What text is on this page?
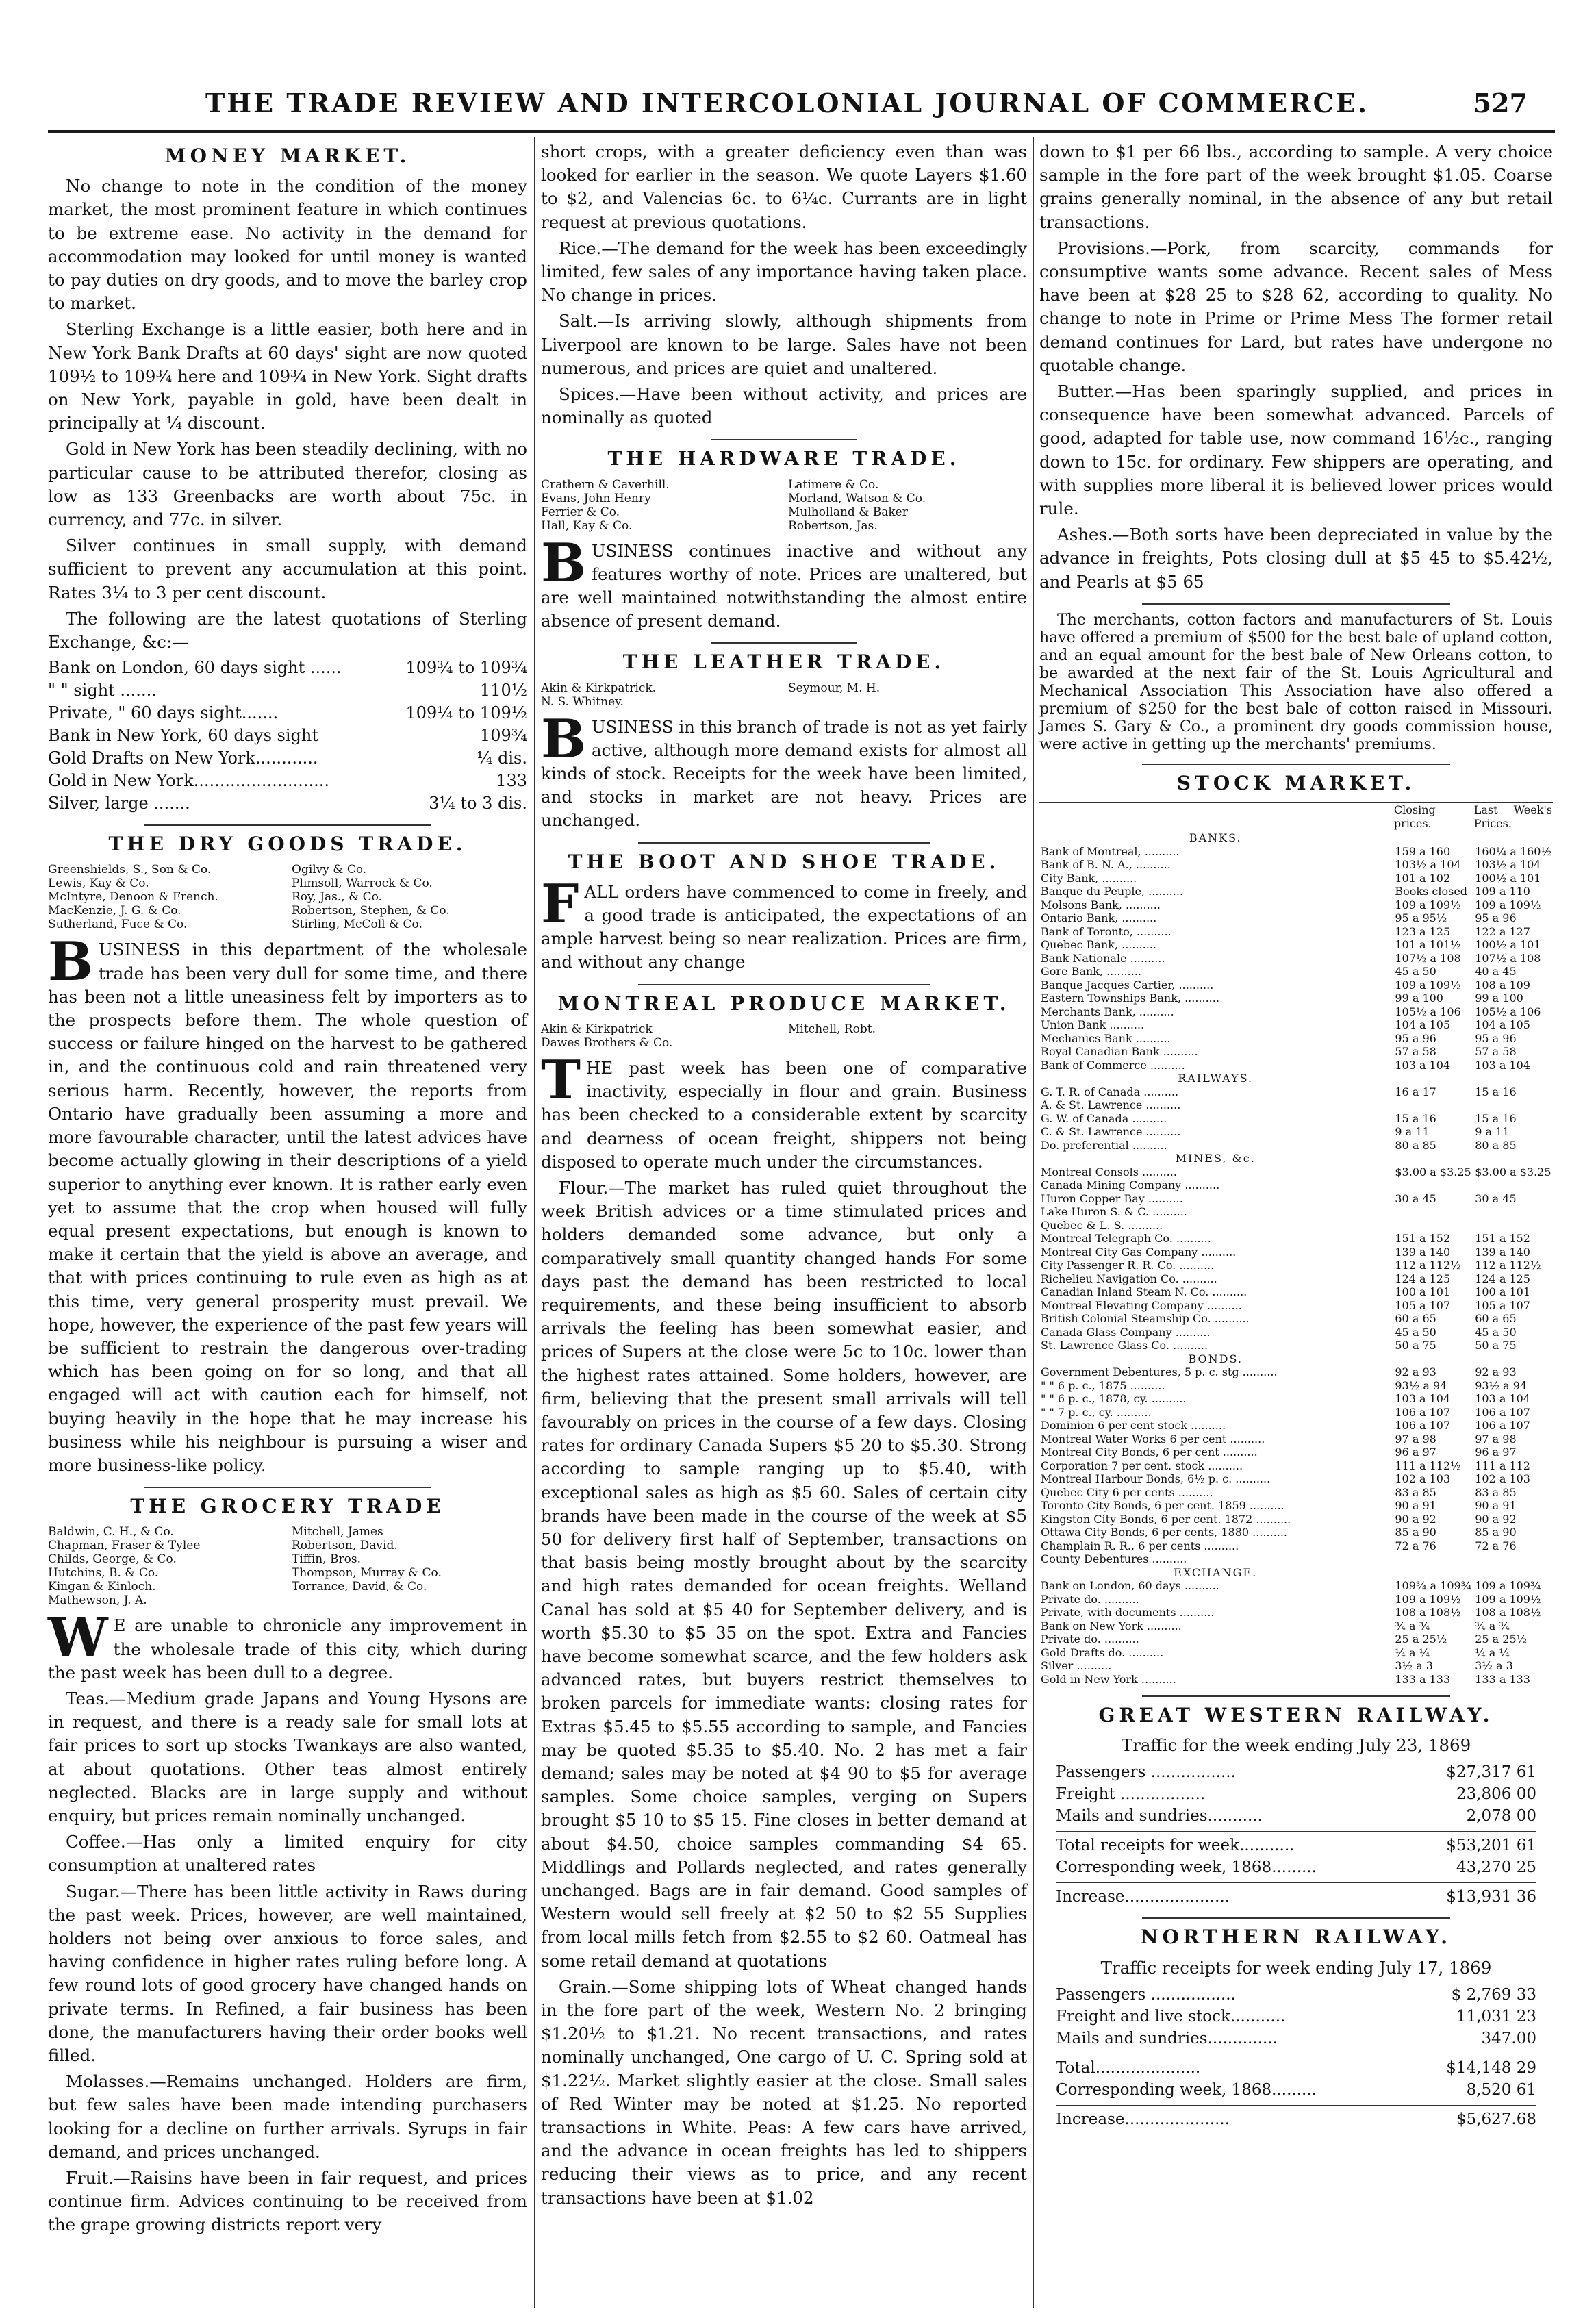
THE TRADE REVIEW AND INTERCOLONIAL JOURNAL OF COMMERCE.	527
MONEY MARKET.

No change to note in the condition of the money market, the most prominent feature in which continues to be extreme ease. No activity in the demand for accommodation may looked for until money is wanted to pay duties on dry goods, and to move the barley crop to market.

Sterling Exchange is a little easier, both here and in New York Bank Drafts at 60 days' sight are now quoted 109½ to 109¾ here and 109¾ in New York. Sight drafts on New York, payable in gold, have been dealt in principally at ¼ discount.

Gold in New York has been steadily declining, with no particular cause to be attributed therefor, closing as low as 133 Greenbacks are worth about 75c. in currency, and 77c. in silver.

Silver continues in small supply, with demand sufficient to prevent any accumulation at this point. Rates 3¼ to 3 per cent discount.

The following are the latest quotations of Sterling Exchange, &c:—

Bank on London, 60 days sight ......	109¾ to 109¾
" " sight .......	110½
Private, " 60 days sight.......	109¼ to 109½
Bank in New York, 60 days sight	109¾
Gold Drafts on New York............	¼ dis.
Gold in New York..........................	133
Silver, large .......	3¼ to 3 dis.
THE DRY GOODS TRADE.
Greenshields, S., Son & Co.	Ogilvy & Co.
Lewis, Kay & Co.	Plimsoll, Warrock & Co.
McIntyre, Denoon & French.	Roy, Jas., & Co.
MacKenzie, J. G. & Co.	Robertson, Stephen, & Co.
Sutherland, Fuce & Co.	Stirling, McColl & Co.

BUSINESS in this department of the wholesale trade has been very dull for some time, and there has been not a little uneasiness felt by importers as to the prospects before them. The whole question of success or failure hinged on the harvest to be gathered in, and the continuous cold and rain threatened very serious harm. Recently, however, the reports from Ontario have gradually been assuming a more and more favourable character, until the latest advices have become actually glowing in their descriptions of a yield superior to anything ever known. It is rather early even yet to assume that the crop when housed will fully equal present expectations, but enough is known to make it certain that the yield is above an average, and that with prices continuing to rule even as high as at this time, very general prosperity must prevail. We hope, however, the experience of the past few years will be sufficient to restrain the dangerous over-trading which has been going on for so long, and that all engaged will act with caution each for himself, not buying heavily in the hope that he may increase his business while his neighbour is pursuing a wiser and more business-like policy.

THE GROCERY TRADE
Baldwin, C. H., & Co.	Mitchell, James
Chapman, Fraser & Tylee	Robertson, David.
Childs, George, & Co.	Tiffin, Bros.
Hutchins, B. & Co.	Thompson, Murray & Co.
Kingan & Kinloch.	Torrance, David, & Co.
Mathewson, J. A.

W E are unable to chronicle any improvement in the wholesale trade of this city, which during the past week has been dull to a degree.

Teas.—Medium grade Japans and Young Hysons are in request, and there is a ready sale for small lots at fair prices to sort up stocks Twankays are also wanted, at about quotations. Other teas almost entirely neglected. Blacks are in large supply and without enquiry, but prices remain nominally unchanged.

Coffee.—Has only a limited enquiry for city consumption at unaltered rates

Sugar.—There has been little activity in Raws during the past week. Prices, however, are well maintained, holders not being over anxious to force sales, and having confidence in higher rates ruling before long. A few round lots of good grocery have changed hands on private terms. In Refined, a fair business has been done, the manufacturers having their order books well filled.

Molasses.—Remains unchanged. Holders are firm, but few sales have been made intending purchasers looking for a decline on further arrivals. Syrups in fair demand, and prices unchanged.

Fruit.—Raisins have been in fair request, and prices continue firm. Advices continuing to be received from the grape growing districts report very

short crops, with a greater deficiency even than was looked for earlier in the season. We quote Layers $1.60 to $2, and Valencias 6c. to 6¼c. Currants are in light request at previous quotations.

Rice.—The demand for the week has been exceedingly limited, few sales of any importance having taken place. No change in prices.

Salt.—Is arriving slowly, although shipments from Liverpool are known to be large. Sales have not been numerous, and prices are quiet and unaltered.

Spices.—Have been without activity, and prices are nominally as quoted

THE HARDWARE TRADE.
Crathern & Caverhill.	Latimere & Co.
Evans, John Henry	Morland, Watson & Co.
Ferrier & Co.	Mulholland & Baker
Hall, Kay & Co.	Robertson, Jas.

BUSINESS continues inactive and without any features worthy of note. Prices are unaltered, but are well maintained notwithstanding the almost entire absence of present demand.

THE LEATHER TRADE.
Akin & Kirkpatrick.	Seymour, M. H.
N. S. Whitney.

BUSINESS in this branch of trade is not as yet fairly active, although more demand exists for almost all kinds of stock. Receipts for the week have been limited, and stocks in market are not heavy. Prices are unchanged.

THE BOOT AND SHOE TRADE.

FALL orders have commenced to come in freely, and a good trade is anticipated, the expectations of an ample harvest being so near realization. Prices are firm, and without any change

MONTREAL PRODUCE MARKET.
Akin & Kirkpatrick	Mitchell, Robt.
Dawes Brothers & Co.

THE past week has been one of comparative inactivity, especially in flour and grain. Business has been checked to a considerable extent by scarcity and dearness of ocean freight, shippers not being disposed to operate much under the circumstances.

Flour.—The market has ruled quiet throughout the week British advices or a time stimulated prices and holders demanded some advance, but only a comparatively small quantity changed hands For some days past the demand has been restricted to local requirements, and these being insufficient to absorb arrivals the feeling has been somewhat easier, and prices of Supers at the close were 5c to 10c. lower than the highest rates attained. Some holders, however, are firm, believing that the present small arrivals will tell favourably on prices in the course of a few days. Closing rates for ordinary Canada Supers $5 20 to $5.30. Strong according to sample ranging up to $5.40, with exceptional sales as high as $5 60. Sales of certain city brands have been made in the course of the week at $5 50 for delivery first half of September, transactions on that basis being mostly brought about by the scarcity and high rates demanded for ocean freights. Welland Canal has sold at $5 40 for September delivery, and is worth $5.30 to $5 35 on the spot. Extra and Fancies have become somewhat scarce, and the few holders ask advanced rates, but buyers restrict themselves to broken parcels for immediate wants: closing rates for Extras $5.45 to $5.55 according to sample, and Fancies may be quoted $5.35 to $5.40. No. 2 has met a fair demand; sales may be noted at $4 90 to $5 for average samples. Some choice samples, verging on Supers brought $5 10 to $5 15. Fine closes in better demand at about $4.50, choice samples commanding $4 65. Middlings and Pollards neglected, and rates generally unchanged. Bags are in fair demand. Good samples of Western would sell freely at $2 50 to $2 55 Supplies from local mills fetch from $2.55 to $2 60. Oatmeal has some retail demand at quotations

Grain.—Some shipping lots of Wheat changed hands in the fore part of the week, Western No. 2 bringing $1.20½ to $1.21. No recent transactions, and rates nominally unchanged, One cargo of U. C. Spring sold at $1.22½. Market slightly easier at the close. Small sales of Red Winter may be noted at $1.25. No reported transactions in White. Peas: A few cars have arrived, and the advance in ocean freights has led to shippers reducing their views as to price, and any recent transactions have been at $1.02

down to $1 per 66 lbs., according to sample. A very choice sample in the fore part of the week brought $1.05. Coarse grains generally nominal, in the absence of any but retail transactions.

Provisions.—Pork, from scarcity, commands for consumptive wants some advance. Recent sales of Mess have been at $28 25 to $28 62, according to quality. No change to note in Prime or Prime Mess The former retail demand continues for Lard, but rates have undergone no quotable change.

Butter.—Has been sparingly supplied, and prices in consequence have been somewhat advanced. Parcels of good, adapted for table use, now command 16½c., ranging down to 15c. for ordinary. Few shippers are operating, and with supplies more liberal it is believed lower prices would rule.

Ashes.—Both sorts have been depreciated in value by the advance in freights, Pots closing dull at $5 45 to $5.42½, and Pearls at $5 65

The merchants, cotton factors and manufacturers of St. Louis have offered a premium of $500 for the best bale of upland cotton, and an equal amount for the best bale of New Orleans cotton, to be awarded at the next fair of the St. Louis Agricultural and Mechanical Association This Association have also offered a premium of $250 for the best bale of cotton raised in Missouri. James S. Gary & Co., a prominent dry goods commission house, were active in getting up the merchants' premiums.

STOCK MARKET.
	Closing prices.	Last Week's Prices.
BANKS.		
Bank of Montreal, ..........	159 a 160	160¼ a 160½
Bank of B. N. A., ..........	103½ a 104	103½ a 104
City Bank, ..........	101 a 102	100½ a 101
Banque du Peuple, ..........	Books closed	109 a 110
Molsons Bank, ..........	109 a 109½	109 a 109½
Ontario Bank, ..........	95 a 95½	95 a 96
Bank of Toronto, ..........	123 a 125	122 a 127
Quebec Bank, ..........	101 a 101½	100½ a 101
Bank Nationale ..........	107½ a 108	107½ a 108
Gore Bank, ..........	45 a 50	40 a 45
Banque Jacques Cartier, ..........	109 a 109½	108 a 109
Eastern Townships Bank, ..........	99 a 100	99 a 100
Merchants Bank, ..........	105½ a 106	105½ a 106
Union Bank ..........	104 a 105	104 a 105
Mechanics Bank ..........	95 a 96	95 a 96
Royal Canadian Bank ..........	57 a 58	57 a 58
Bank of Commerce ..........	103 a 104	103 a 104
RAILWAYS.		
G. T. R. of Canada ..........	16 a 17	15 a 16
A. & St. Lawrence ..........		
G. W. of Canada ..........	15 a 16	15 a 16
C. & St. Lawrence ..........	9 a 11	9 a 11
Do. preferential ..........	80 a 85	80 a 85
MINES, &c.		
Montreal Consols ..........	$3.00 a $3.25	$3.00 a $3.25
Canada Mining Company ..........		
Huron Copper Bay ..........	30 a 45	30 a 45
Lake Huron S. & C. ..........		
Quebec & L. S. ..........		
Montreal Telegraph Co. ..........	151 a 152	151 a 152
Montreal City Gas Company ..........	139 a 140	139 a 140
City Passenger R. R. Co. ..........	112 a 112½	112 a 112½
Richelieu Navigation Co. ..........	124 a 125	124 a 125
Canadian Inland Steam N. Co. ..........	100 a 101	100 a 101
Montreal Elevating Company ..........	105 a 107	105 a 107
British Colonial Steamship Co. ..........	60 a 65	60 a 65
Canada Glass Company ..........	45 a 50	45 a 50
St. Lawrence Glass Co. ..........	50 a 75	50 a 75
BONDS.		
Government Debentures, 5 p. c. stg ..........	92 a 93	92 a 93
" " 6 p. c., 1875 ..........	93½ a 94	93½ a 94
" " 6 p. c., 1878, cy. ..........	103 a 104	103 a 104
" " 7 p. c., cy. ..........	106 a 107	106 a 107
Dominion 6 per cent stock ..........	106 a 107	106 a 107
Montreal Water Works 6 per cent ..........	97 a 98	97 a 98
Montreal City Bonds, 6 per cent ..........	96 a 97	96 a 97
Corporation 7 per cent. stock ..........	111 a 112½	111 a 112
Montreal Harbour Bonds, 6½ p. c. ..........	102 a 103	102 a 103
Quebec City 6 per cents ..........	83 a 85	83 a 85
Toronto City Bonds, 6 per cent. 1859 ..........	90 a 91	90 a 91
Kingston City Bonds, 6 per cent. 1872 ..........	90 a 92	90 a 92
Ottawa City Bonds, 6 per cents, 1880 ..........	85 a 90	85 a 90
Champlain R. R., 6 per cents ..........	72 a 76	72 a 76
County Debentures ..........		
EXCHANGE.		
Bank on London, 60 days ..........	109¾ a 109¾	109 a 109¾
Private do. ..........	109 a 109½	109 a 109½
Private, with documents ..........	108 a 108½	108 a 108½
Bank on New York ..........	¾ a ¾	¾ a ¾
Private do. ..........	25 a 25½	25 a 25½
Gold Drafts do. ..........	¼ a ¼	¼ a ¼
Silver ..........	3½ a 3	3½ a 3
Gold in New York ..........	133 a 133	133 a 133
GREAT WESTERN RAILWAY.

Traffic for the week ending July 23, 1869

Passengers .................	$27,317 61
Freight .................	23,806 00
Mails and sundries...........	2,078 00
Total receipts for week...........	$53,201 61
Corresponding week, 1868.........	43,270 25
Increase.....................	$13,931 36
NORTHERN RAILWAY.

Traffic receipts for week ending July 17, 1869

Passengers .................	$ 2,769 33
Freight and live stock...........	11,031 23
Mails and sundries..............	347.00
Total.....................	$14,148 29
Corresponding week, 1868.........	8,520 61
Increase.....................	$5,627.68
